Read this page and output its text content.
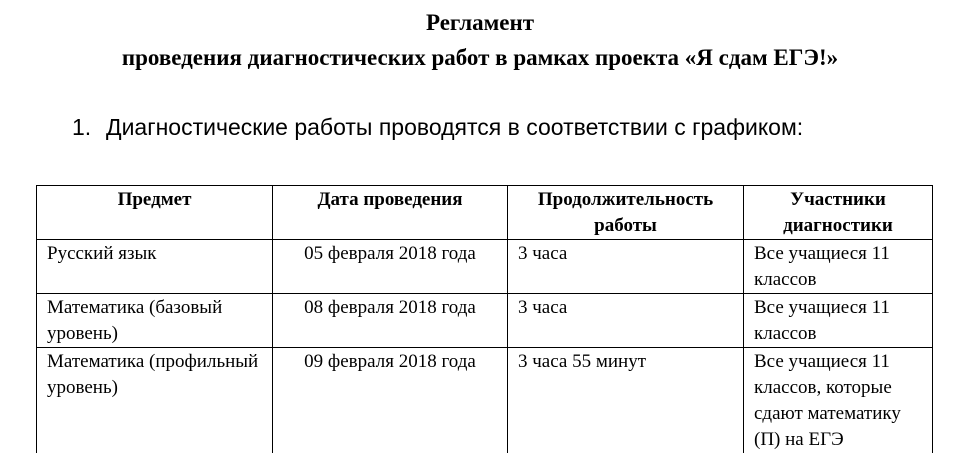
Регламент
проведения диагностических работ в рамках проекта «Я сдам ЕГЭ!»
1. Диагностические работы проводятся в соответствии с графиком:
Предмет	Дата проведения	Продолжительность работы	Участники диагностики
Русский язык	05 февраля 2018 года	3 часа	Все учащиеся 11 классов
Математика (базовый уровень)	08 февраля 2018 года	3 часа	Все учащиеся 11 классов
Математика (профильный уровень)	09 февраля 2018 года	3 часа 55 минут	Все учащиеся 11 классов, которые сдают математику (П) на ЕГЭ
